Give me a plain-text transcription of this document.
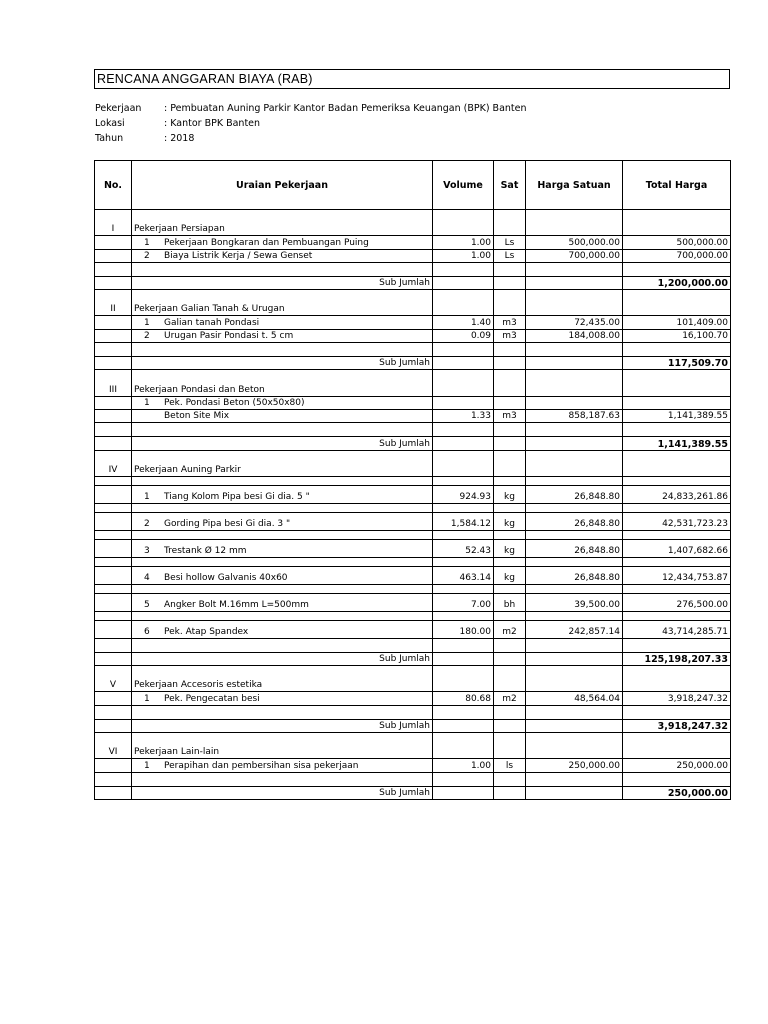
RENCANA ANGGARAN BIAYA (RAB)
Pekerjaan	: Pembuatan Auning Parkir Kantor Badan Pemeriksa Keuangan (BPK) Banten
Lokasi	: Kantor BPK Banten
Tahun	: 2018
No.	Uraian Pekerjaan	Volume	Sat	Harga Satuan	Total Harga

I	Pekerjaan Persiapan				
	1 Pekerjaan Bongkaran dan Pembuangan Puing	1.00	Ls	500,000.00	500,000.00
	2 Biaya Listrik Kerja / Sewa Genset	1.00	Ls	700,000.00	700,000.00

	Sub Jumlah				1,200,000.00

II	Pekerjaan Galian Tanah & Urugan				
	1 Galian tanah Pondasi	1.40	m3	72,435.00	101,409.00
	2 Urugan Pasir Pondasi t. 5 cm	0.09	m3	184,008.00	16,100.70

	Sub Jumlah				117,509.70

III	Pekerjaan Pondasi dan Beton				
	1 Pek. Pondasi Beton (50x50x80)				
	Beton Site Mix	1.33	m3	858,187.63	1,141,389.55

	Sub Jumlah				1,141,389.55

IV	Pekerjaan Auning Parkir				

	1 Tiang Kolom Pipa besi Gi dia. 5 "	924.93	kg	26,848.80	24,833,261.86

	2 Gording Pipa besi Gi dia. 3 "	1,584.12	kg	26,848.80	42,531,723.23

	3 Trestank Ø 12 mm	52.43	kg	26,848.80	1,407,682.66

	4 Besi hollow Galvanis 40x60	463.14	kg	26,848.80	12,434,753.87

	5 Angker Bolt M.16mm L=500mm	7.00	bh	39,500.00	276,500.00

	6 Pek. Atap Spandex	180.00	m2	242,857.14	43,714,285.71

	Sub Jumlah				125,198,207.33

V	Pekerjaan Accesoris estetika				
	1 Pek. Pengecatan besi	80.68	m2	48,564.04	3,918,247.32

	Sub Jumlah				3,918,247.32

VI	Pekerjaan Lain-lain				
	1 Perapihan dan pembersihan sisa pekerjaan	1.00	ls	250,000.00	250,000.00

	Sub Jumlah				250,000.00
